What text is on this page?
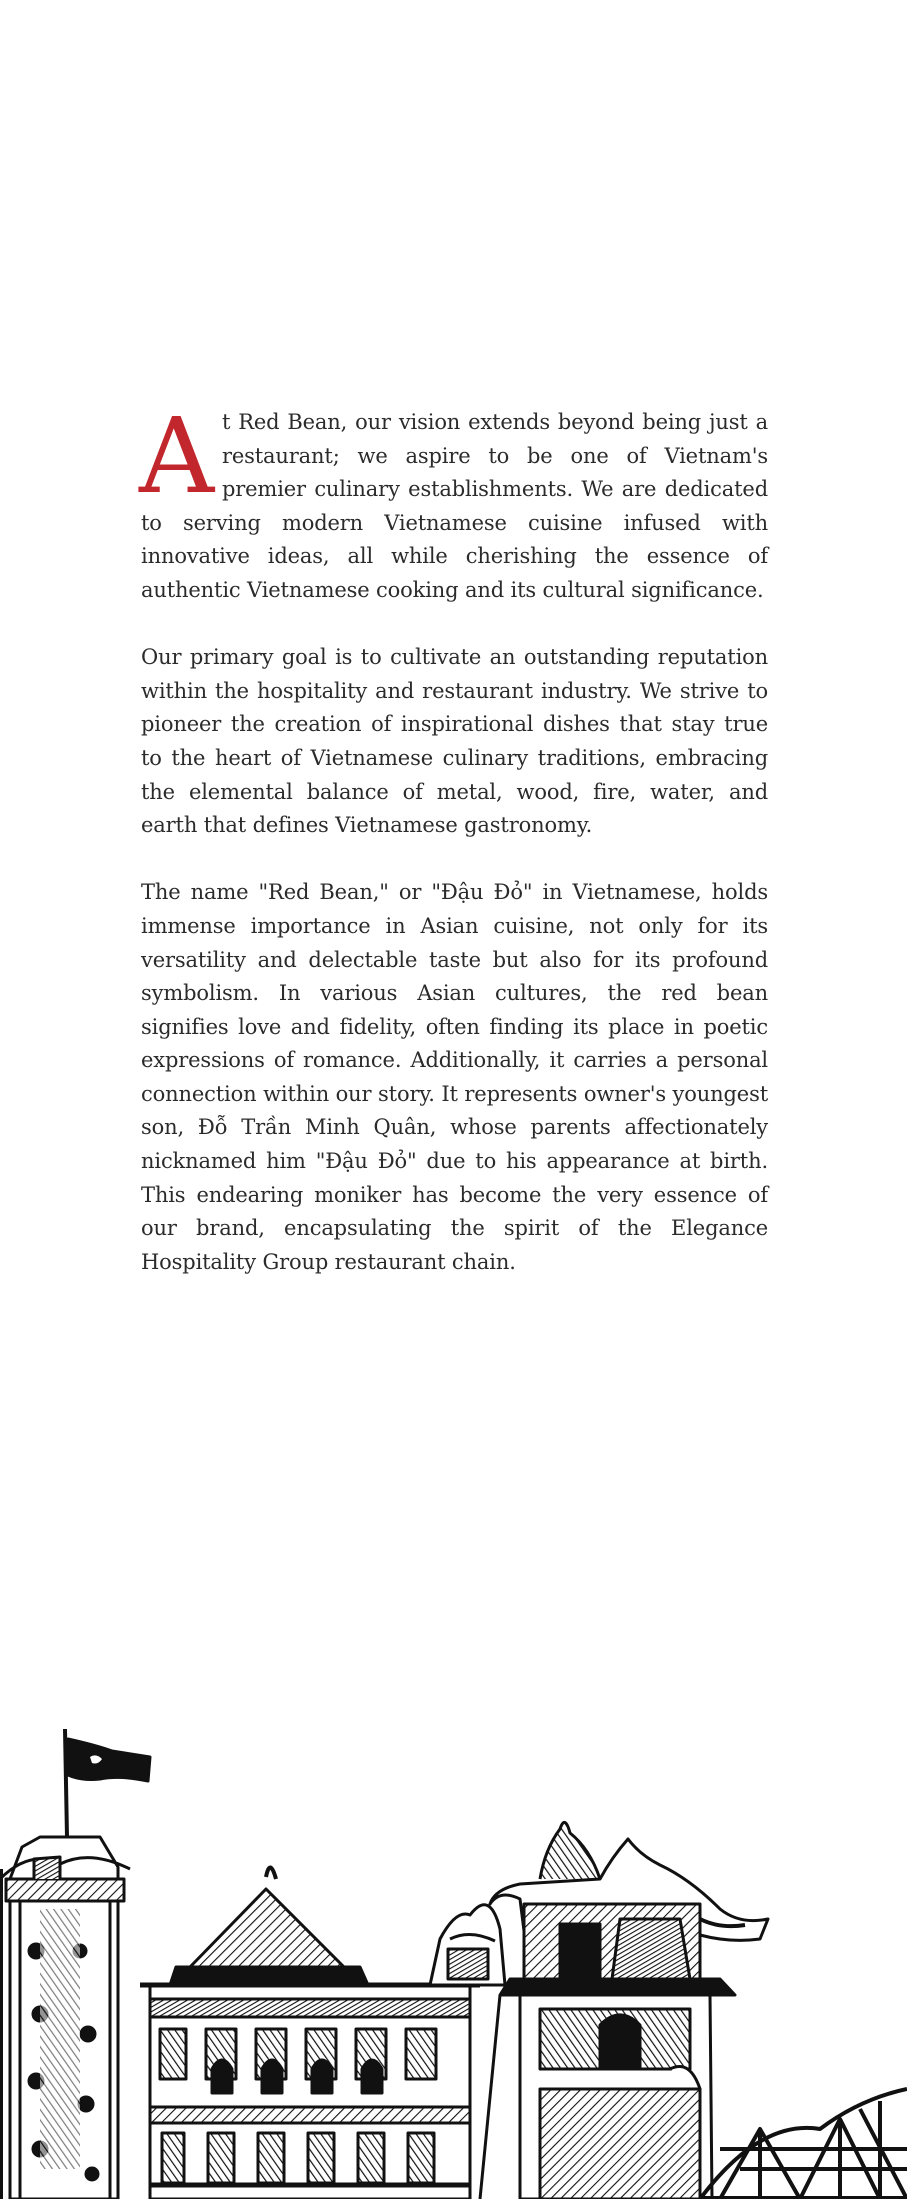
At Red Bean, our vision extends beyond being just a restaurant; we aspire to be one of Vietnam's premier culinary establishments. We are dedicated to serving modern Vietnamese cuisine infused with innovative ideas, all while cherishing the essence of authentic Vietnamese cooking and its cultural significance.

Our primary goal is to cultivate an outstanding reputation within the hospitality and restaurant industry. We strive to pioneer the creation of inspirational dishes that stay true to the heart of Vietnamese culinary traditions, embracing the elemental balance of metal, wood, fire, water, and earth that defines Vietnamese gastronomy.

The name "Red Bean," or "Đậu Đỏ" in Vietnamese, holds immense importance in Asian cuisine, not only for its versatility and delectable taste but also for its profound symbolism. In various Asian cultures, the red bean signifies love and fidelity, often finding its place in poetic expressions of romance. Additionally, it carries a personal connection within our story. It represents owner's youngest son, Đỗ Trần Minh Quân, whose parents affectionately nicknamed him "Đậu Đỏ" due to his appearance at birth. This endearing moniker has become the very essence of our brand, encapsulating the spirit of the Elegance Hospitality Group restaurant chain.
